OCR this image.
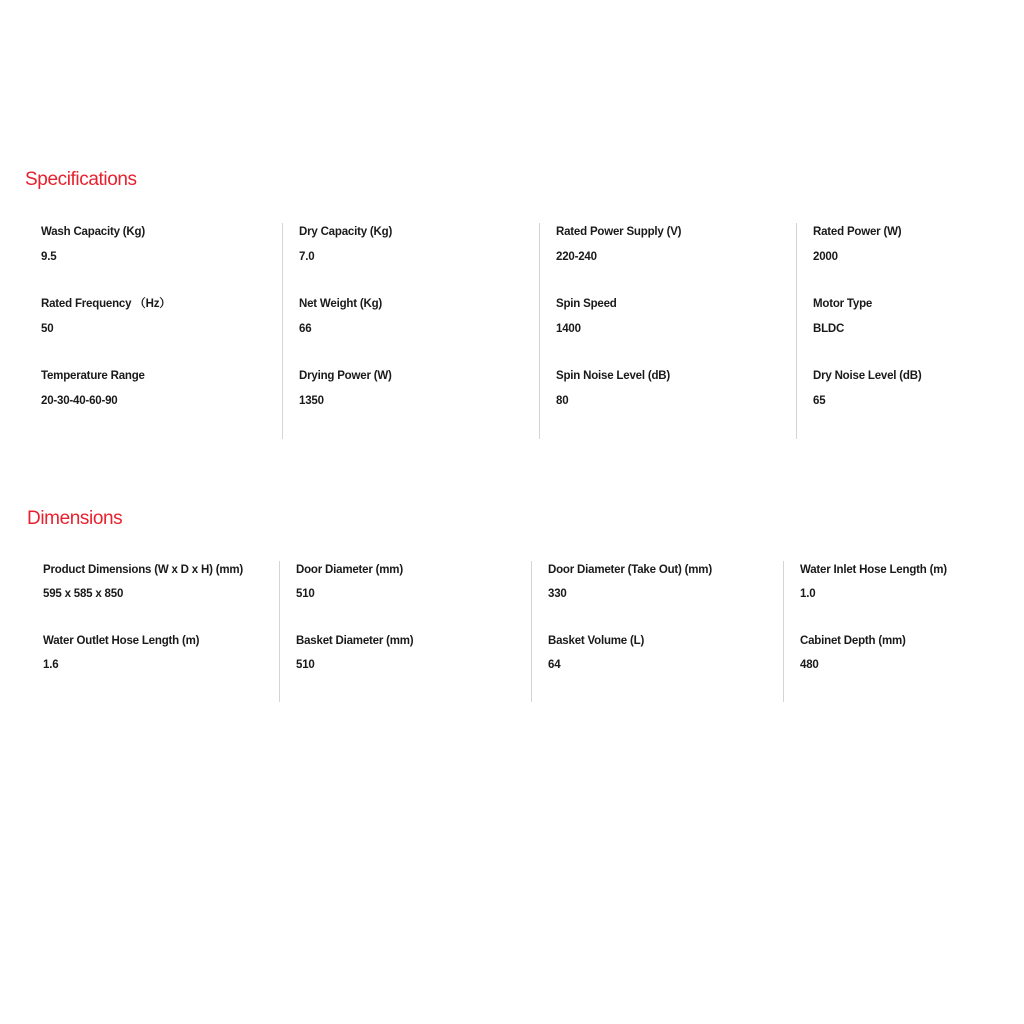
Specifications
Wash Capacity (Kg)
9.5
Rated Frequency （Hz）
50
Temperature Range
20-30-40-60-90
Dry Capacity (Kg)
7.0
Net Weight (Kg)
66
Drying Power (W)
1350
Rated Power Supply (V)
220-240
Spin Speed
1400
Spin Noise Level (dB)
80
Rated Power (W)
2000
Motor Type
BLDC
Dry Noise Level (dB)
65
Dimensions
Product Dimensions (W x D x H) (mm)
595 x 585 x 850
Water Outlet Hose Length (m)
1.6
Door Diameter (mm)
510
Basket Diameter (mm)
510
Door Diameter (Take Out) (mm)
330
Basket Volume (L)
64
Water Inlet Hose Length (m)
1.0
Cabinet Depth (mm)
480
